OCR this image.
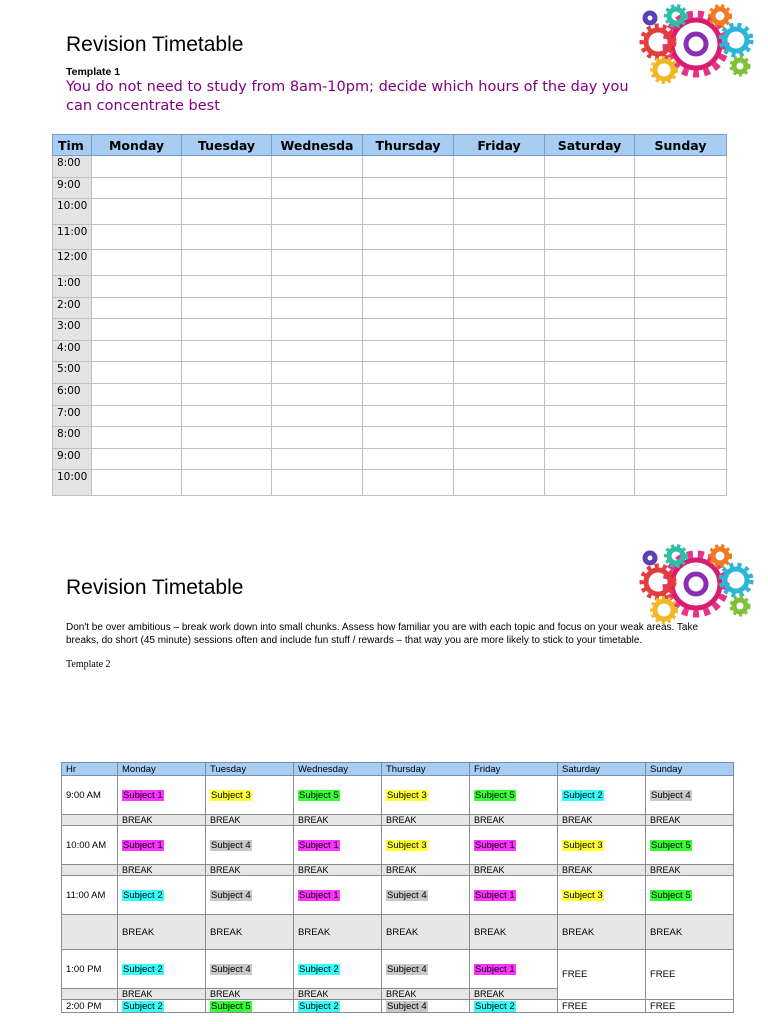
Revision Timetable
Template 1
You do not need to study from 8am-10pm; decide which hours of the day you can concentrate best
Tim	Monday	Tuesday	Wednesda	Thursday	Friday	Saturday	Sunday
8:00							
9:00							
10:00							
11:00							
12:00							
1:00							
2:00							
3:00							
4:00							
5:00							
6:00							
7:00							
8:00							
9:00							
10:00							
Revision Timetable
Don't be over ambitious – break work down into small chunks. Assess how familiar you are with each topic and focus on your weak areas. Take breaks, do short (45 minute) sessions often and include fun stuff / rewards – that way you are more likely to stick to your timetable.
Template 2
Hr	Monday	Tuesday	Wednesday	Thursday	Friday	Saturday	Sunday
9:00 AM	Subject 1	Subject 3	Subject 5	Subject 3	Subject 5	Subject 2	Subject 4
	BREAK	BREAK	BREAK	BREAK	BREAK	BREAK	BREAK
10:00 AM	Subject 1	Subject 4	Subject 1	Subject 3	Subject 1	Subject 3	Subject 5
	BREAK	BREAK	BREAK	BREAK	BREAK	BREAK	BREAK
11:00 AM	Subject 2	Subject 4	Subject 1	Subject 4	Subject 1	Subject 3	Subject 5
	BREAK	BREAK	BREAK	BREAK	BREAK	BREAK	BREAK
1:00 PM	Subject 2	Subject 4	Subject 2	Subject 4	Subject 1	FREE	FREE
	BREAK	BREAK	BREAK	BREAK	BREAK		
2:00 PM	Subject 2	Subject 5	Subject 2	Subject 4	Subject 2	FREE	FREE
